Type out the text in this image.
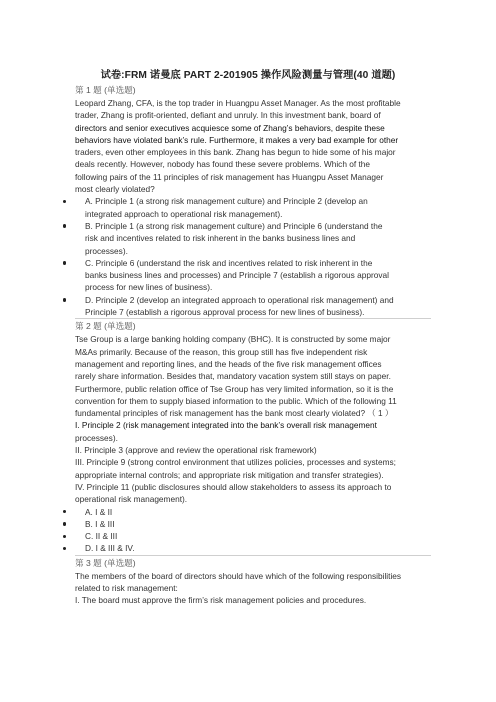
试卷:FRM 诺曼底 PART 2-201905 操作风险测量与管理(40 道题)
第 1 题 (单选题)

Leopard Zhang, CFA, is the top trader in Huangpu Asset Manager. As the most profitable

trader, Zhang is profit-oriented, defiant and unruly. In this investment bank, board of

directors and senior executives acquiesce some of Zhang’s behaviors, despite these

behaviors have violated bank’s rule. Furthermore, it makes a very bad example for other

traders, even other employees in this bank. Zhang has begun to hide some of his major

deals recently. However, nobody has found these severe problems. Which of the

following pairs of the 11 principles of risk management has Huangpu Asset Manager

most clearly violated?

A. Principle 1 (a strong risk management culture) and Principle 2 (develop an
integrated approach to operational risk management).
B. Principle 1 (a strong risk management culture) and Principle 6 (understand the
risk and incentives related to risk inherent in the banks business lines and
processes).
C. Principle 6 (understand the risk and incentives related to risk inherent in the
banks business lines and processes) and Principle 7 (establish a rigorous approval
process for new lines of business).
D. Principle 2 (develop an integrated approach to operational risk management) and
Principle 7 (establish a rigorous approval process for new lines of business).
第 2 题 (单选题)

Tse Group is a large banking holding company (BHC). It is constructed by some major

M&As primarily. Because of the reason, this group still has five independent risk

management and reporting lines, and the heads of the five risk management offices

rarely share information. Besides that, mandatory vacation system still stays on paper.

Furthermore, public relation office of Tse Group has very limited information, so it is the

convention for them to supply biased information to the public. Which of the following 11

fundamental principles of risk management has the bank most clearly violated? （ 1 ）

I. Principle 2 (risk management integrated into the bank’s overall risk management

processes).

II. Principle 3 (approve and review the operational risk framework)

III. Principle 9 (strong control environment that utilizes policies, processes and systems;

appropriate internal controls; and appropriate risk mitigation and transfer strategies).

IV. Principle 11 (public disclosures should allow stakeholders to assess its approach to

operational risk management).

A. I & II
B. I & III
C. II & III
D. I & III & IV.
第 3 题 (单选题)

The members of the board of directors should have which of the following responsibilities

related to risk management:

I. The board must approve the firm’s risk management policies and procedures.
